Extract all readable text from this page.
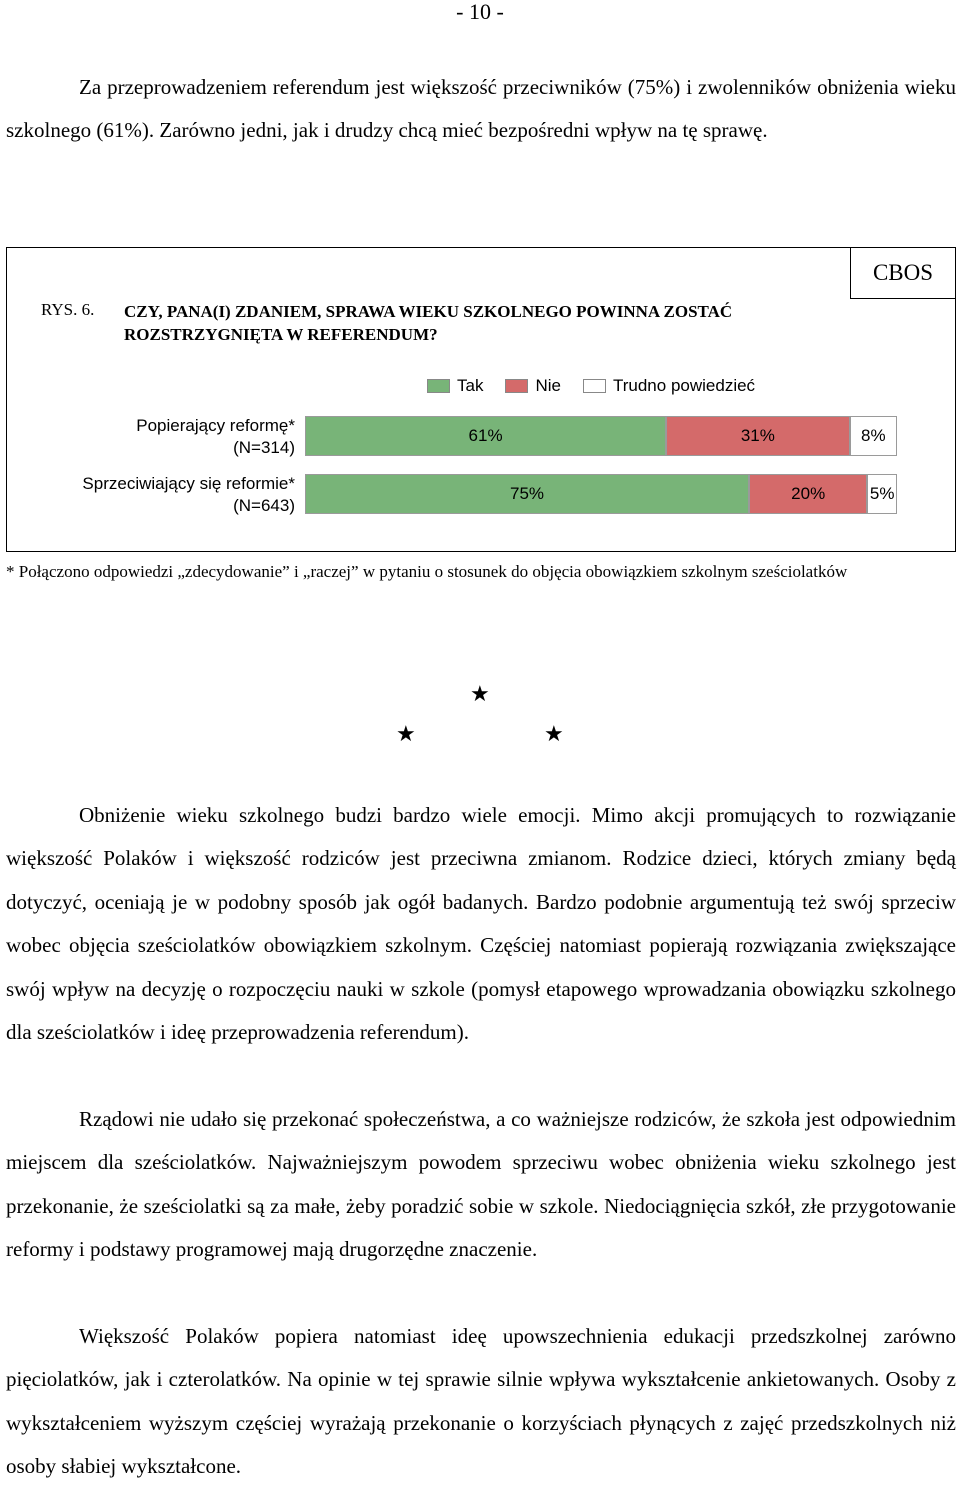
- 10 -

Za przeprowadzeniem referendum jest większość przeciwników (75%) i zwolenników obniżenia wieku szkolnego (61%). Zarówno jedni, jak i drudzy chcą mieć bezpośredni wpływ na tę sprawę.

CBOS
RYS. 6. CZY, PANA(I) ZDANIEM, SPRAWA WIEKU SZKOLNEGO POWINNA ZOSTAĆ
ROZSTRZYGNIĘTA W REFERENDUM?
Tak	Nie	Trudno powiedzieć
Popierający reformę*
(N=314)
61%	31%	8%
Sprzeciwiający się reformie*
(N=643)
75%	20%	5%
* Połączono odpowiedzi „zdecydowanie” i „raczej” w pytaniu o stosunek do objęcia obowiązkiem szkolnym sześciolatków
★
★	★

Obniżenie wieku szkolnego budzi bardzo wiele emocji. Mimo akcji promujących to rozwiązanie większość Polaków i większość rodziców jest przeciwna zmianom. Rodzice dzieci, których zmiany będą dotyczyć, oceniają je w podobny sposób jak ogół badanych. Bardzo podobnie argumentują też swój sprzeciw wobec objęcia sześciolatków obowiązkiem szkolnym. Częściej natomiast popierają rozwiązania zwiększające swój wpływ na decyzję o rozpoczęciu nauki w szkole (pomysł etapowego wprowadzania obowiązku szkolnego dla sześciolatków i ideę przeprowadzenia referendum).

Rządowi nie udało się przekonać społeczeństwa, a co ważniejsze rodziców, że szkoła jest odpowiednim miejscem dla sześciolatków. Najważniejszym powodem sprzeciwu wobec obniżenia wieku szkolnego jest przekonanie, że sześciolatki są za małe, żeby poradzić sobie w szkole. Niedociągnięcia szkół, złe przygotowanie reformy i podstawy programowej mają drugorzędne znaczenie.

Większość Polaków popiera natomiast ideę upowszechnienia edukacji przedszkolnej zarówno pięciolatków, jak i czterolatków. Na opinie w tej sprawie silnie wpływa wykształcenie ankietowanych. Osoby z wykształceniem wyższym częściej wyrażają przekonanie o korzyściach płynących z zajęć przedszkolnych niż osoby słabiej wykształcone.
